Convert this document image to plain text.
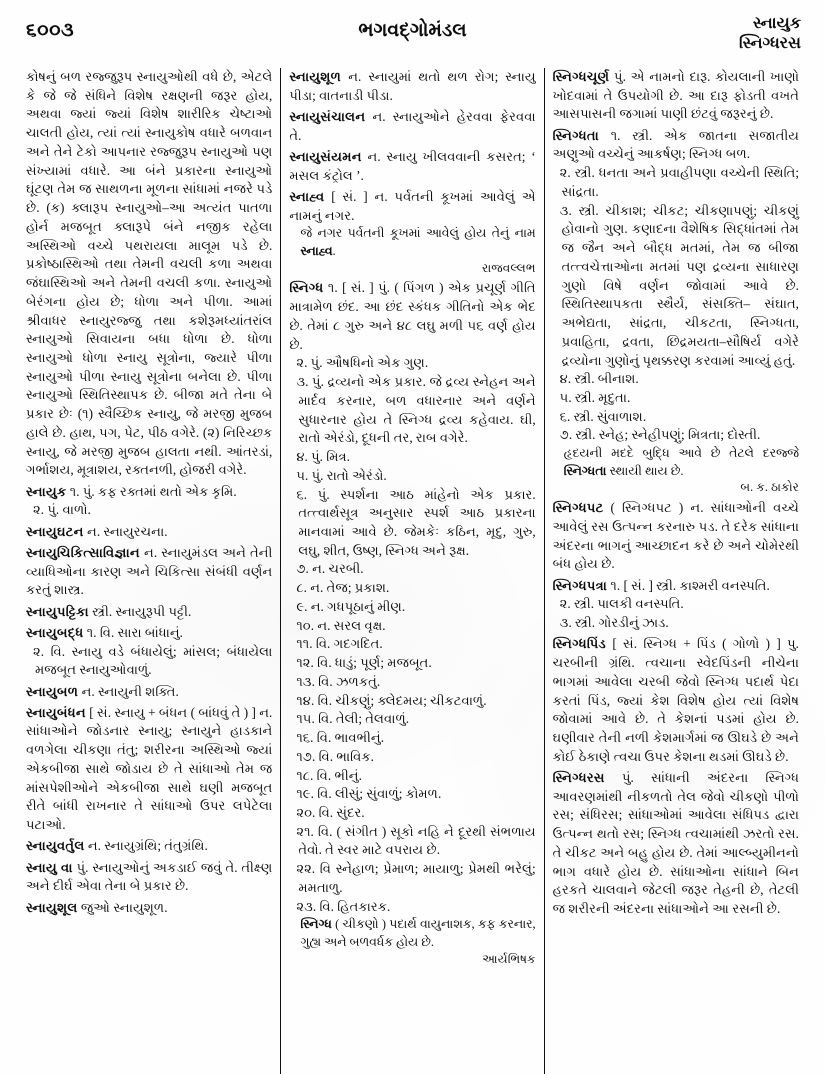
૬૦૦૩	ભગવદ્ગોમંડલ	સ્નાયુક
સ્નિગ્ધરસ
કોષનું બળ રજ્જુરૂપ સ્નાયુઓથી વધે છે, એટલે કે જે જે સંધિને વિશેષ રક્ષણની જરૂર હોય, અથવા જ્યાં જ્યાં વિશેષ શારીરિક ચેષ્ટાઓ ચાલતી હોય, ત્યાં ત્યાં સ્નાયુકોષ વધારે બળવાન અને તેને ટેકો આપનાર રજ્જુરૂપ સ્નાયુઓ પણ સંખ્યામાં વધારે. આ બંને પ્રકારના સ્નાયુઓ ઘૂંટણ તેમ જ સાથળના મૂળના સાંધામાં નજરે પડે છે. (ક) ક્લારૂપ સ્નાયુઓ–આ અત્યંત પાતળા હોર્ન મજબૂત ક્લારૂપે બંને નજીક રહેલા અસ્થિઓ વચ્ચે પથરાયલા માલૂમ પડે છે. પ્રકોષ્ઠાસ્થિઓ તથા તેમની વચલી કળા અથવા જંઘાસ્થિઓ અને તેમની વચલી કળા. સ્નાયુઓ બેરંગના હોય છે; ધોળા અને પીળા. આમાં શ્રીવાધર સ્નાયુરજ્જુ તથા કશેરૂમધ્યાંતરાંલ સ્નાયુઓ સિવાયના બધા ધોળા છે. ધોળા સ્નાયુઓ ધોળા સ્નાયુ સૂત્રોના, જ્યારે પીળા સ્નાયુઓ પીળા સ્નાયુ સૂત્રોના બનેલા છે. પીળા સ્નાયુઓ સ્થિતિસ્થાપક છે. બીજા મતે તેના બે પ્રકાર છેઃ (૧) સ્વૈચ્છિક સ્નાયુ, જે મરજી મુજબ હાલે છે. હાથ, પગ, પેટ, પીઠ વગેરે. (૨) નિરિચ્છક સ્નાયુ, જે મરજી મુજબ હાલતા નથી. આંતરડાં, ગર્ભાશય, મૂત્રાશય, રક્તનળી, હોજરી વગેરે.
સ્નાયુક ૧. પું. કફ રક્તમાં થતો એક કૃમિ.
૨. પું. વાળો.
સ્નાયુઘટન ન. સ્નાયુરચના.
સ્નાયુચિકિત્સાવિજ્ઞાન ન. સ્નાયુમંડલ અને તેની વ્યાધિઓના કારણ અને ચિકિત્સા સંબંધી વર્ણન કરતું શાસ્ત્ર.
સ્નાયુપટ્ટિકા સ્ત્રી. સ્નાયુરૂપી પટ્ટી.
સ્નાયુબદ્ધ ૧. વિ. સારા બાંધાનું.
૨. વિ. સ્નાયુ વડે બંધાયેલું; માંસલ; બંધાયેલા મજબૂત સ્નાયુઓવાળું.
સ્નાયુબળ ન. સ્નાયુની શક્તિ.
સ્નાયુબંધન [ સં. સ્નાયુ + બંધન ( બાંધવું તે ) ] ન. સાંધાઓને જોડનાર સ્નાયુ; સ્નાયુને હાડકાને વળગેલા ચીકણા તંતુ; શરીરના અસ્થિઓ જ્યાં એકબીજા સાથે જોડાય છે તે સાંધાઓ તેમ જ માંસપેશીઓને એકબીજા સાથે ઘણી મજબૂત રીતે બાંધી રાખનાર તે સાંધાઓ ઉપર લપેટેલા પટાઓ.
સ્નાયુવર્તુલ ન. સ્નાયુગ્રંથિ; તંતુગ્રંથિ.
સ્નાયુ વા પું. સ્નાયુઓનું અકડાઈ જવું તે. તીક્ષ્ણ અને દીર્ઘ એવા તેના બે પ્રકાર છે.
સ્નાયુશૂલ જુઓ સ્નાયુશૂળ.
સ્નાયુશૂળ ન. સ્નાયુમાં થતો થળ રોગ; સ્નાયુ પીડા; વાતનાડી પીડા.
સ્નાયુસંચાલન ન. સ્નાયુઓને હેરવવા ફેરવવા તે.
સ્નાયુસંયમન ન. સ્નાયુ ખીલવવાની કસરત; ‘ મસલ કંટ્રોલ ’.
સ્નાહ્વ [ સં. ] ન. પર્વતની કૂખમાં આવેલું એ નામનું નગર.
જે નગર પર્વતની કૂખમાં આવેલું હોય તેનું નામ સ્નાહ્વ.
રાજવલ્લભ
સ્નિગ્ધ ૧. [ સં. ] પું. ( પિંગળ ) એક પ્રચૂર્ણ ગીતિ માત્રામેળ છંદ. આ છંદ સ્કંધક ગીતિનો એક ભેદ છે. તેમાં ૮ ગુરુ અને ૪૮ લઘુ મળી ૫૬ વર્ણ હોય છે.
૨. પું. ઔષધિનો એક ગુણ.
૩. પું. દ્રવ્યનો એક પ્રકાર. જે દ્રવ્ય સ્નેહન અને માર્દવ કરનાર, બળ વધારનાર અને વર્ણને સુધારનાર હોય તે સ્નિગ્ધ દ્રવ્ય કહેવાય. ઘી, રાતો એરંડો, દૂધની તર, રાબ વગેરે.
૪. પું. મિત્ર.
૫. પું. રાતો એરંડો.
૬. પું. સ્પર્શના આઠ માંહેનો એક પ્રકાર. તત્ત્વાર્થસૂત્ર અનુસાર સ્પર્શ આઠ પ્રકારના માનવામાં આવે છે. જેમકેઃ કઠિન, મૃદુ, ગુરુ, લઘુ, શીત, ઉષ્ણ, સ્નિગ્ધ અને રૂક્ષ.
૭. ન. ચરબી.
૮. ન. તેજ; પ્રકાશ.
૯. ન. ગધપૂઠાનું મીણ.
૧૦. ન. સરલ વૃક્ષ.
૧૧. વિ. ગદગદિત.
૧૨. વિ. ધાડું; પૂર્ણ; મજબૂત.
૧૩. વિ. ઝળકતું.
૧૪. વિ. ચીકણું; ક્લેદમય; ચીકટવાળું.
૧૫. વિ. તેલી; તેલવાળું.
૧૬. વિ. ભાવભીનું.
૧૭. વિ. ભાવિક.
૧૮. વિ. ભીનું.
૧૯. વિ. લીસું; સુંવાળું; કોમળ.
૨૦. વિ. સુંદર.
૨૧. વિ. ( સંગીત ) સૂકો નહિ ને દૂરથી સંભળાય તેવો. તે સ્વર માટે વપરાય છે.
૨૨. વિ સ્નેહાળ; પ્રેમાળ; માયાળુ; પ્રેમથી ભરેલું; મમતાળુ.
૨૩. વિ. હિતકારક.
સ્નિગ્ધ ( ચીકણો ) પદાર્થ વાયુનાશક, કફ કરનાર, ગુહ્ય અને બળવર્ધક હોય છે.
આર્યભિષક
સ્નિગ્ધચૂર્ણ પું. એ નામનો દારૂ. કોયલાની ખાણો ખોદવામાં તે ઉપયોગી છે. આ દારૂ ફોડતી વખતે આસપાસની જગામાં પાણી છંટવું જરૂરનું છે.
સ્નિગ્ધતા ૧. સ્ત્રી. એક જાતના સજાતીય અણુઓ વચ્ચેનું આકર્ષણ; સ્નિગ્ધ બળ.
૨. સ્ત્રી. ધનતા અને પ્રવાહીપણા વચ્ચેની સ્થિતિ; સાંદ્રતા.
૩. સ્ત્રી. ચીકાશ; ચીકટ; ચીકણાપણું; ચીકણું હોવાનો ગુણ. કણાદના વૈશેષિક સિદ્ધાંતમાં તેમ જ જૈન અને બૌદ્ધ મતમાં, તેમ જ બીજા તત્ત્વચેત્તાઓના મતમાં પણ દ્રવ્યના સાધારણ ગુણો વિષે વર્ણન જોવામાં આવે છે. સ્થિતિસ્થાપકતા સ્થૈર્ય, સંસક્તિ– સંઘાત, અભેદ્યતા, સાંદ્રતા, ચીકટતા, સ્નિગ્ધતા, પ્રવાહિતા, દ્રવતા, છિદ્રમયતા–સૌષિર્ય વગેરે દ્રવ્યોના ગુણોનું પૃથક્કરણ કરવામાં આવ્યું હતું.
૪. સ્ત્રી. બીનાશ.
૫. સ્ત્રી. મૃદુતા.
૬. સ્ત્રી. સુંવાળાશ.
૭. સ્ત્રી. સ્નેહ; સ્નેહીપણું; મિત્રતા; દોસ્તી.
હૃદયની મદદે બુદ્ધિ આવે છે તેટલે દરજ્જે સ્નિગ્ધતા સ્થાયી થાય છે.
બ. ક. ઠાકોર
સ્નિગ્ધપટ ( સ્નિગ્ધપટ ) ન. સાંધાઓની વચ્ચે આવેલું રસ ઉત્પન્ન કરનારુ પડ. તે દરેક સાંધાના અંદરના ભાગનું આચ્છાદન કરે છે અને ચોમેરથી બંધ હોય છે.
સ્નિગ્ધપત્રા ૧. [ સં. ] સ્ત્રી. કાશ્મરી વનસ્પતિ.
૨. સ્ત્રી. પાલકી વનસ્પતિ.
૩. સ્ત્રી. ગોરડીનું ઝાડ.
સ્નિગ્ધપિંડ [ સં. સ્નિગ્ધ + પિંડ ( ગોળો ) ] પુ. ચરબીની ગ્રંથિ. ત્વચાના સ્વેદપિંડની નીચેના ભાગમાં આવેલા ચરબી જેવો સ્નિગ્ધ પદાર્થ પેદા કરતાં પિંડ, જ્યાં કેશ વિશેષ હોય ત્યાં વિશેષ જોવામાં આવે છે. તે કેશનાં પડમાં હોય છે. ઘણીવાર તેની નળી કેશમાર્ગમાં જ ઊઘડે છે અને કોઈ ઠેકાણે ત્વચા ઉપર કેશના થડમાં ઊઘડે છે.
સ્નિગ્ધરસ પું. સાંધાની અંદરના સ્નિગ્ધ આવરણમાંથી નીકળતો તેલ જેવો ચીકણો પીળો રસ; સંધિરસ; સાંધાઓમાં આવેલા સંધિપડ દ્વારા ઉત્પન્ન થતો રસ; સ્નિગ્ધ ત્વચામાંથી ઝરતો રસ. તે ચીકટ અને બહુ હોય છે. તેમાં આલ્બ્યુમીનનો ભાગ વધારે હોય છે. સાંધાઓના સાંધાને બિન હરકતે ચાલવાને જેટલી જરૂર તેહની છે, તેટલી જ શરીરની અંદરના સાંધાઓને આ રસની છે.
